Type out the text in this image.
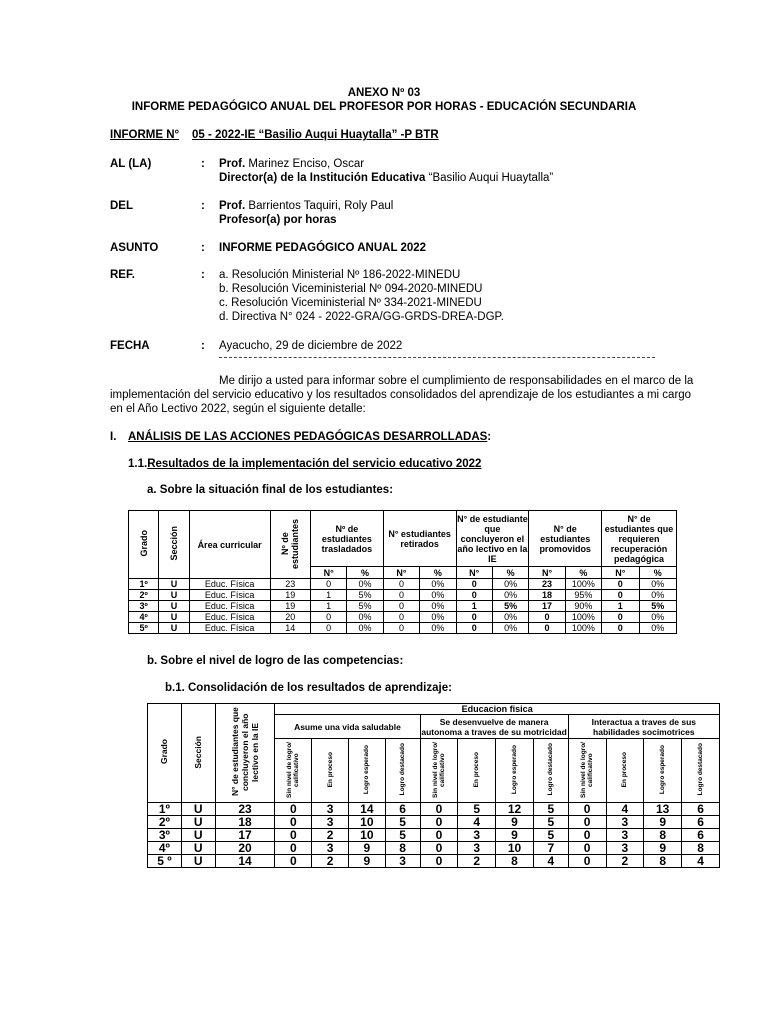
ANEXO Nº 03
INFORME PEDAGÓGICO ANUAL DEL PROFESOR POR HORAS - EDUCACIÓN SECUNDARIA
INFORME N° 05 - 2022-IE “Basilio Auqui Huaytalla” -P BTR
AL (LA)	: Prof. Marinez Enciso, Oscar
Director(a) de la Institución Educativa “Basilio Auqui Huaytalla”
DEL	: Prof. Barrientos Taquiri, Roly Paul
Profesor(a) por horas
ASUNTO	: INFORME PEDAGÓGICO ANUAL 2022
REF.	: a. Resolución Ministerial Nº 186-2022-MINEDU
b. Resolución Viceministerial Nº 094-2020-MINEDU
c. Resolución Viceministerial Nº 334-2021-MINEDU
d. Directiva N° 024 - 2022-GRA/GG-GRDS-DREA-DGP.
FECHA	: Ayacucho, 29 de diciembre de 2022
Me dirijo a usted para informar sobre el cumplimiento de responsabilidades en el marco de la
implementación del servicio educativo y los resultados consolidados del aprendizaje de los estudiantes a mi cargo
en el Año Lectivo 2022, según el siguiente detalle:
I. ANÁLISIS DE LAS ACCIONES PEDAGÓGICAS DESARROLLADAS:
1.1.Resultados de la implementación del servicio educativo 2022
a. Sobre la situación final de los estudiantes:
Grado	Sección	Área curricular	Nº de estudiantes	Nº de estudiantes trasladados		N° estudiantes retirados		N° de estudiante que concluyeron el año lectivo en la IE		N° de estudiantes promovidos		N° de estudiantes que requieren recuperación pedagógica	
				N°	%	N°	%	N°	%	N°	%	N°	%
1º	U	Educ. Física	23	0	0%	0	0%	0	0%	23	100%	0	0%
2º	U	Educ. Física	19	1	5%	0	0%	0	0%	18	95%	0	0%
3º	U	Educ. Física	19	1	5%	0	0%	1	5%	17	90%	1	5%
4º	U	Educ. Física	20	0	0%	0	0%	0	0%	0	100%	0	0%
5º	U	Educ. Física	14	0	0%	0	0%	0	0%	0	100%	0	0%
b. Sobre el nivel de logro de las competencias:
b.1. Consolidación de los resultados de aprendizaje:
Grado	Sección	N° de estudiantes que concluyeron el año lectivo en la IE	Educacion fisica											
			Asume una vida saludable				Se desenvuelve de manera autonoma a traves de su motricidad				Interactua a traves de sus habilidades socimotrices			
			Sin nivel de logro/ calificativo	En proceso	Logro esperado	Logro destacado	Sin nivel de logro/ calificativo	En proceso	Logro esperado	Logro destacado	Sin nivel de logro/ calificativo	En proceso	Logro esperado	Logro destacado
1º	U	23	0	3	14	6	0	5	12	5	0	4	13	6
2º	U	18	0	3	10	5	0	4	9	5	0	3	9	6
3º	U	17	0	2	10	5	0	3	9	5	0	3	8	6
4º	U	20	0	3	9	8	0	3	10	7	0	3	9	8
5 º	U	14	0	2	9	3	0	2	8	4	0	2	8	4
